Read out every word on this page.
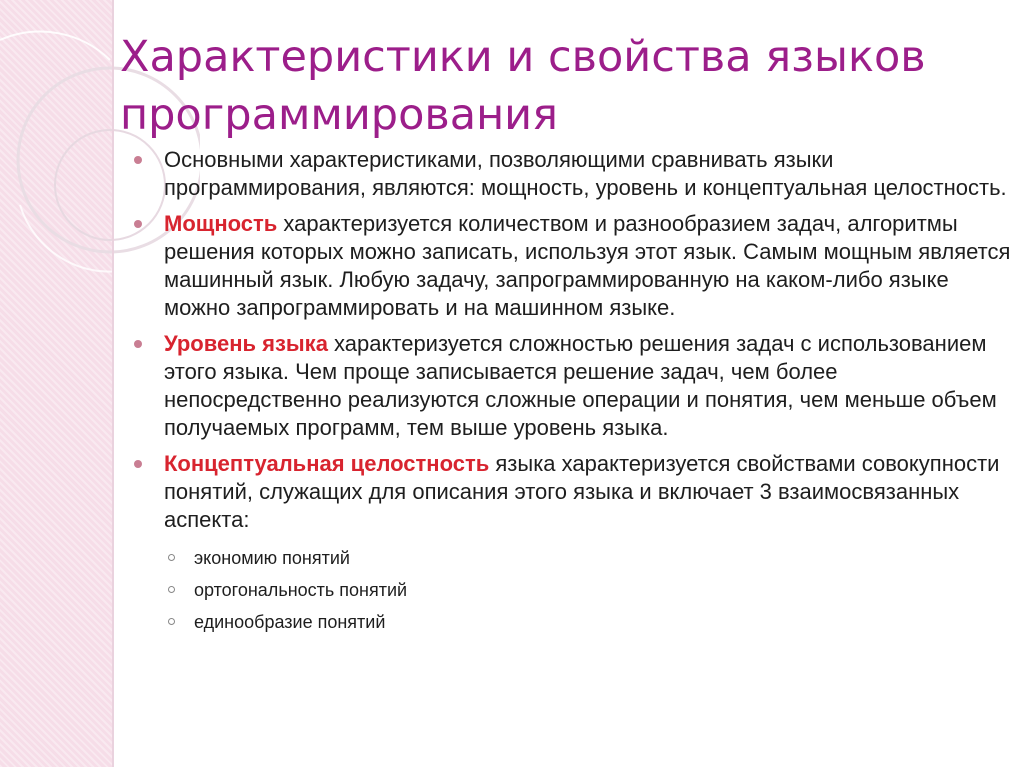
Характеристики и свойства языков
программирования
Основными характеристиками, позволяющими сравнивать языки программирования, являются: мощность, уровень и концептуальная целостность.
Мощность характеризуется количеством и разнообразием задач, алгоритмы решения которых можно записать, используя этот язык. Самым мощным является машинный язык. Любую задачу, запрограммированную на каком-либо языке можно запрограммировать и на машинном языке.
Уровень языка характеризуется сложностью решения задач с использованием этого языка. Чем проще записывается решение задач, чем более непосредственно реализуются сложные операции и понятия, чем меньше объем получаемых программ, тем выше уровень языка.
Концептуальная целостность языка характеризуется свойствами совокупности понятий, служащих для описания этого языка и включает 3 взаимосвязанных аспекта:
экономию понятий
ортогональность понятий
единообразие понятий
